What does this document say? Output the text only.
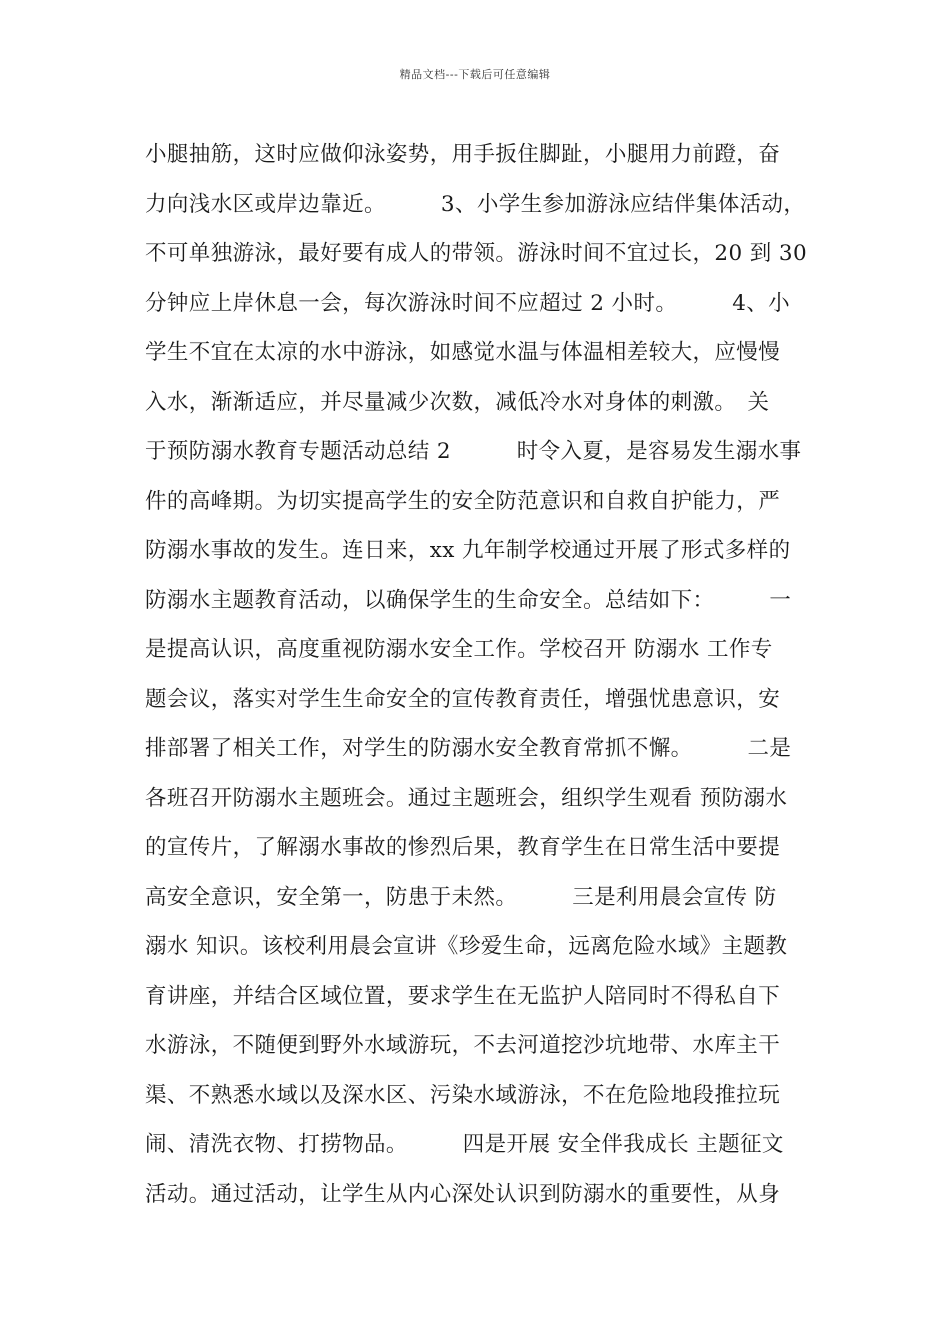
精品文档---下载后可任意编辑
小腿抽筋，这时应做仰泳姿势，用手扳住脚趾，小腿用力前蹬，奋
力向浅水区或岸边靠近。　　　3、小学生参加游泳应结伴集体活动，
不可单独游泳，最好要有成人的带领。游泳时间不宜过长，20 到 30
分钟应上岸休息一会，每次游泳时间不应超过 2 小时。　　　4、小
学生不宜在太凉的水中游泳，如感觉水温与体温相差较大，应慢慢
入水，渐渐适应，并尽量减少次数，减低冷水对身体的刺激。　关
于预防溺水教育专题活动总结 2　　　时令入夏，是容易发生溺水事
件的高峰期。为切实提高学生的安全防范意识和自救自护能力，严
防溺水事故的发生。连日来，xx 九年制学校通过开展了形式多样的
防溺水主题教育活动，以确保学生的生命安全。总结如下：　　　一
是提高认识，高度重视防溺水安全工作。学校召开 防溺水 工作专
题会议，落实对学生生命安全的宣传教育责任，增强忧患意识，安
排部署了相关工作，对学生的防溺水安全教育常抓不懈。　　　二是
各班召开防溺水主题班会。通过主题班会，组织学生观看 预防溺水
的宣传片，了解溺水事故的惨烈后果，教育学生在日常生活中要提
高安全意识，安全第一，防患于未然。　　　三是利用晨会宣传 防
溺水 知识。该校利用晨会宣讲《珍爱生命，远离危险水域》主题教
育讲座，并结合区域位置，要求学生在无监护人陪同时不得私自下
水游泳，不随便到野外水域游玩，不去河道挖沙坑地带、水库主干
渠、不熟悉水域以及深水区、污染水域游泳，不在危险地段推拉玩
闹、清洗衣物、打捞物品。　　　四是开展 安全伴我成长 主题征文
活动。通过活动，让学生从内心深处认识到防溺水的重要性，从身
